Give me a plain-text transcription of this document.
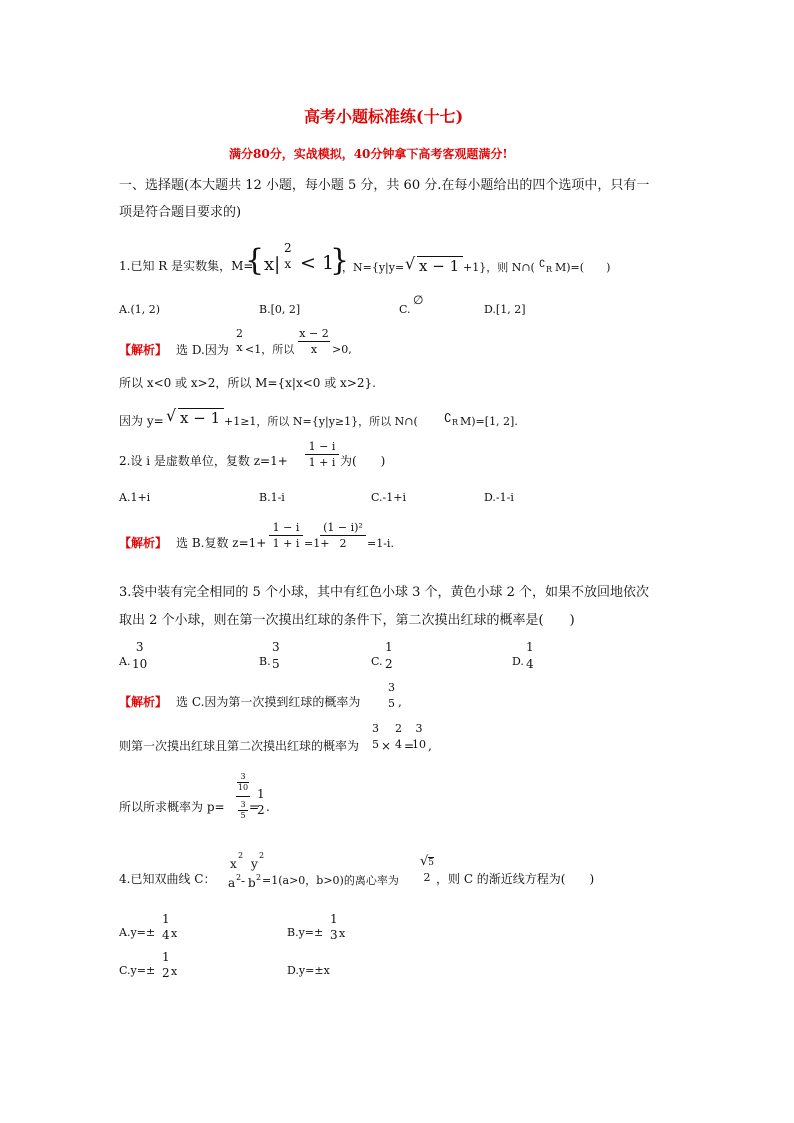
高考小题标准练(十七)
满分80分，实战模拟，40分钟拿下高考客观题满分!
一、选择题(本大题共 12 小题，每小题 5 分，共 60 分.在每小题给出的四个选项中，只有一
项是符合题目要求的)
1.已知 R 是实数集，M=
{ x|
2
x < 1
}
，N={y|y= √ x − 1 +1}，则 N∩( ∁ R M)=(　　)
A.(1, 2)	B.[0, 2]	C.
∅
D.[1, 2]
【解析】 选 D.因为
2
x <1，所以
x − 2
x	>0,
所以 x<0 或 x>2，所以 M={x|x<0 或 x>2}.
因为 y= √ x − 1 +1≥1，所以 N={y|y≥1}，所以 N∩( ∁ R M)=[1, 2].
2.设 i 是虚数单位，复数 z=1+
1 − i
1 + i 为(　　)
A.1+i	B.1-i	C.-1+i	D.-1-i
【解析】 选 B.复数 z=1+
1 − i
1 + i =1+
(1 − i)²
2	=1-i.
3.袋中装有完全相同的 5 个小球，其中有红色小球 3 个，黄色小球 2 个，如果不放回地依次
取出 2 个小球，则在第一次摸出红球的条件下，第二次摸出红球的概率是(　　)
A.
3
10	B.
3
5	C.
1
2	D.
1
4
【解析】 选 C.因为第一次摸到红球的概率为
3
5 ,
则第一次摸出红球且第二次摸出红球的概率为
3
5 ×
2
4 =
3
10 ,
所以所求概率为 p=
3
10
3
5
=
1
2 .
4.已知双曲线 C：
x
2
y
2
a 2 - b 2 =1(a>0，b>0)的离心率为
√5
2 ，则 C 的渐近线方程为(　　)
A.y=±
1
4 x	B.y=±
1
3 x
C.y=±
1
2 x	D.y=±x
